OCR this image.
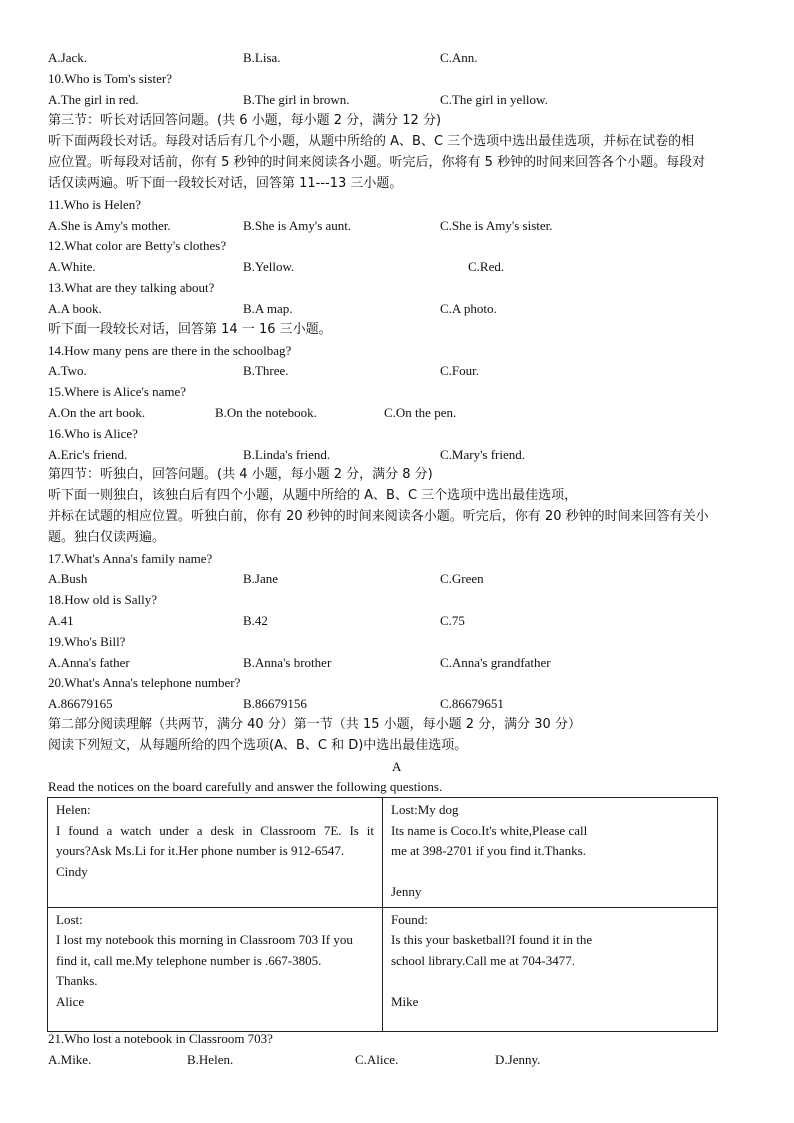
A.Jack.	B.Lisa.	C.Ann.
10.Who is Tom's sister?
A.The girl in red.	B.The girl in brown.	C.The girl in yellow.
第三节：听长对话回答问题。(共 6 小题，每小题 2 分，满分 12 分)
听下面两段长对话。每段对话后有几个小题，从题中所给的 A、B、C 三个选项中选出最佳选项，并标在试卷的相
应位置。听每段对话前，你有 5 秒钟的时间来阅读各小题。听完后，你将有 5 秒钟的时间来回答各个小题。每段对
话仅读两遍。听下面一段较长对话，回答第 11---13 三小题。
11.Who is Helen?
A.She is Amy's mother.	B.She is Amy's aunt.	C.She is Amy's sister.
12.What color are Betty's clothes?
A.White.	B.Yellow.	C.Red.
13.What are they talking about?
A.A book.	B.A map.	C.A photo.
听下面一段较长对话，回答第 14 一 16 三小题。
14.How many pens are there in the schoolbag?
A.Two.	B.Three.	C.Four.
15.Where is Alice's name?
A.On the art book.	B.On the notebook.	C.On the pen.
16.Who is Alice?
A.Eric's friend.	B.Linda's friend.	C.Mary's friend.
第四节：听独白，回答问题。(共 4 小题，每小题 2 分，满分 8 分)
听下面一则独白，该独白后有四个小题，从题中所给的 A、B、C 三个选项中选出最佳选项，
并标在试题的相应位置。听独白前，你有 20 秒钟的时间来阅读各小题。听完后，你有 20 秒钟的时间来回答有关小
题。独白仅读两遍。
17.What's Anna's family name?
A.Bush	B.Jane	C.Green
18.How old is Sally?
A.41	B.42	C.75
19.Who's Bill?
A.Anna's father	B.Anna's brother	C.Anna's grandfather
20.What's Anna's telephone number?
A.86679165	B.86679156	C.86679651
第二部分阅读理解（共两节，满分 40 分）第一节（共 15 小题，每小题 2 分，满分 30 分）
阅读下列短文，从每题所给的四个选项(A、B、C 和 D)中选出最佳选项。
A
Read the notices on the board carefully and answer the following questions.
Helen:
I found a watch under a desk in Classroom 7E. Is it
yours?Ask Ms.Li for it.Her phone number is 912-6547.
Cindy	Lost:My dog
Its name is Coco.It's white,Please call
me at 398-2701 if you find it.Thanks.
Jenny

Lost:
I lost my notebook this morning in Classroom 703 If you
find it, call me.My telephone number is .667-3805.
Thanks.
Alice	Found:
Is this your basketball?I found it in the
school library.Call me at 704-3477.
Mike
21.Who lost a notebook in Classroom 703?
A.Mike.	B.Helen.	C.Alice.	D.Jenny.
